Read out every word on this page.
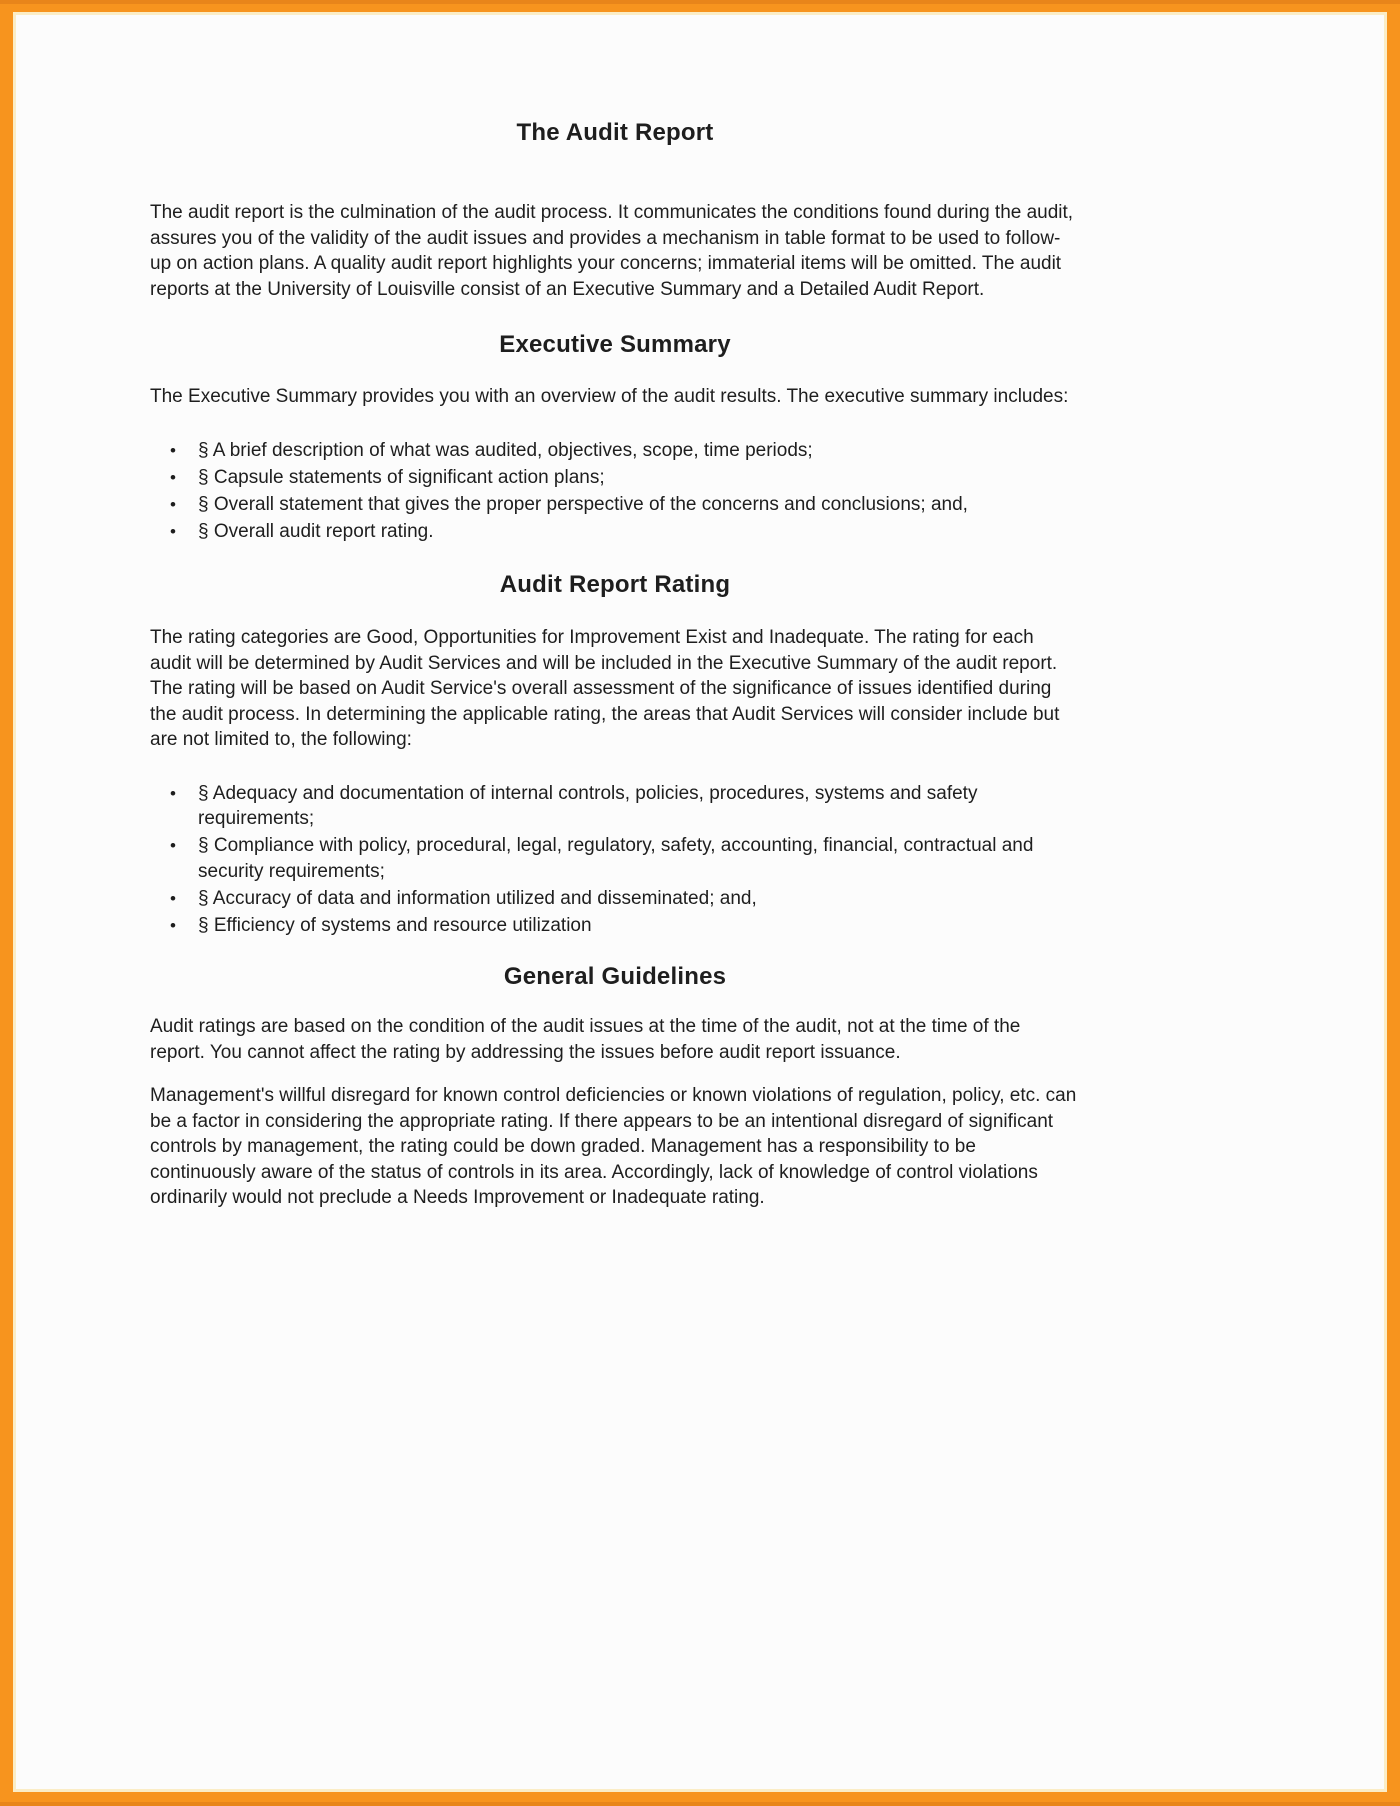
The Audit Report

The audit report is the culmination of the audit process. It communicates the conditions found during the audit, assures you of the validity of the audit issues and provides a mechanism in table format to be used to follow-up on action plans. A quality audit report highlights your concerns; immaterial items will be omitted. The audit reports at the University of Louisville consist of an Executive Summary and a Detailed Audit Report.

Executive Summary

The Executive Summary provides you with an overview of the audit results. The executive summary includes:

•	§ A brief description of what was audited, objectives, scope, time periods;
•	§ Capsule statements of significant action plans;
•	§ Overall statement that gives the proper perspective of the concerns and conclusions; and,
•	§ Overall audit report rating.
Audit Report Rating

The rating categories are Good, Opportunities for Improvement Exist and Inadequate. The rating for each audit will be determined by Audit Services and will be included in the Executive Summary of the audit report. The rating will be based on Audit Service's overall assessment of the significance of issues identified during the audit process. In determining the applicable rating, the areas that Audit Services will consider include but are not limited to, the following:

•	§ Adequacy and documentation of internal controls, policies, procedures, systems and safety requirements;
•	§ Compliance with policy, procedural, legal, regulatory, safety, accounting, financial, contractual and security requirements;
•	§ Accuracy of data and information utilized and disseminated; and,
•	§ Efficiency of systems and resource utilization
General Guidelines

Audit ratings are based on the condition of the audit issues at the time of the audit, not at the time of the report. You cannot affect the rating by addressing the issues before audit report issuance.

Management's willful disregard for known control deficiencies or known violations of regulation, policy, etc. can be a factor in considering the appropriate rating. If there appears to be an intentional disregard of significant controls by management, the rating could be down graded. Management has a responsibility to be continuously aware of the status of controls in its area. Accordingly, lack of knowledge of control violations ordinarily would not preclude a Needs Improvement or Inadequate rating.
